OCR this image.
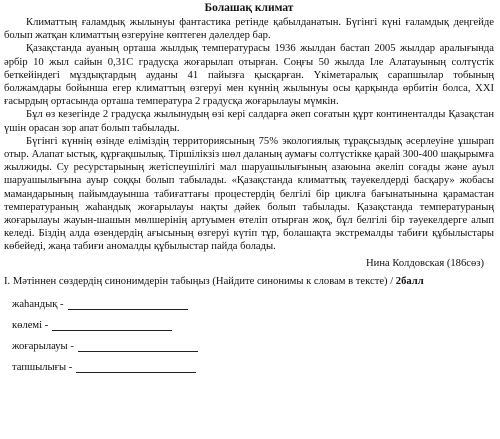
Болашақ климат

Климаттың ғаламдық жылынуы фантастика ретінде қабылданатын. Бүгінгі күні ғаламдық деңгейде болып жатқан климаттың өзгеруіне көптеген дәлелдер бар.

Қазақстанда ауаның орташа жылдық температурасы 1936 жылдан бастап 2005 жылдар аралығында әрбір 10 жыл сайын 0,31С градусқа жоғарылап отырған. Соңғы 50 жылда Іле Алатауының солтүстік беткейіндегі мұздықтардың ауданы 41 пайызға қысқарған. Үкіметаралық сарапшылар тобының болжамдары бойынша егер климаттың өзгеруі мен күннің жылынуы осы қарқында өрбитін болса, ХХІ ғасырдың ортасында орташа температура 2 градусқа жоғарылауы мүмкін.

Бұл өз кезегінде 2 градусқа жылынудың өзі кері салдарға әкеп соғатын құрт континенталды Қазақстан үшін орасан зор апат болып табылады.

Бүгінгі күннің өзінде еліміздің территориясының 75% экологиялық тұрақсыздық әсерлеуіне ұшырап отыр. Алапат ыстық, құрғақшылық. Тіршілікзіз шөл даланың аумағы солтүстікке қарай 300-400 шақырымға жылжиды. Су ресурстарының жетіспеушілігі мал шаруашылығының азаюына әкеліп соғады және ауыл шаруашылығына ауыр соққы болып табылады. «Қазақстанда климаттық тәуекелдерді басқару» жобасы мамандарының пайымдауынша табиғаттағы процестердің белгілі бір циклға бағынатынына қарамастан температураның жаһандық жоғарылауы нақты дәйек болып табылады. Қазақстанда температураның жоғарылауы жауын-шашын мөлшерінің артуымен өтеліп отырған жоқ, бұл белгілі бір тәуекелдерге алып келеді. Біздің алда өзендердің ағысының өзгеруі күтіп тұр, болашақта экстремалды табиғи құбылыстары көбейеді, жаңа табиғи аномалды құбылыстар пайда болады.

Нина Колдовская (186сөз)
I. Мәтіннен сөздердің синонимдерін табыңыз (Найдите синонимы к словам в тексте) / 2балл
жаһандық -
көлемі -
жоғарылауы -
тапшылығы -
